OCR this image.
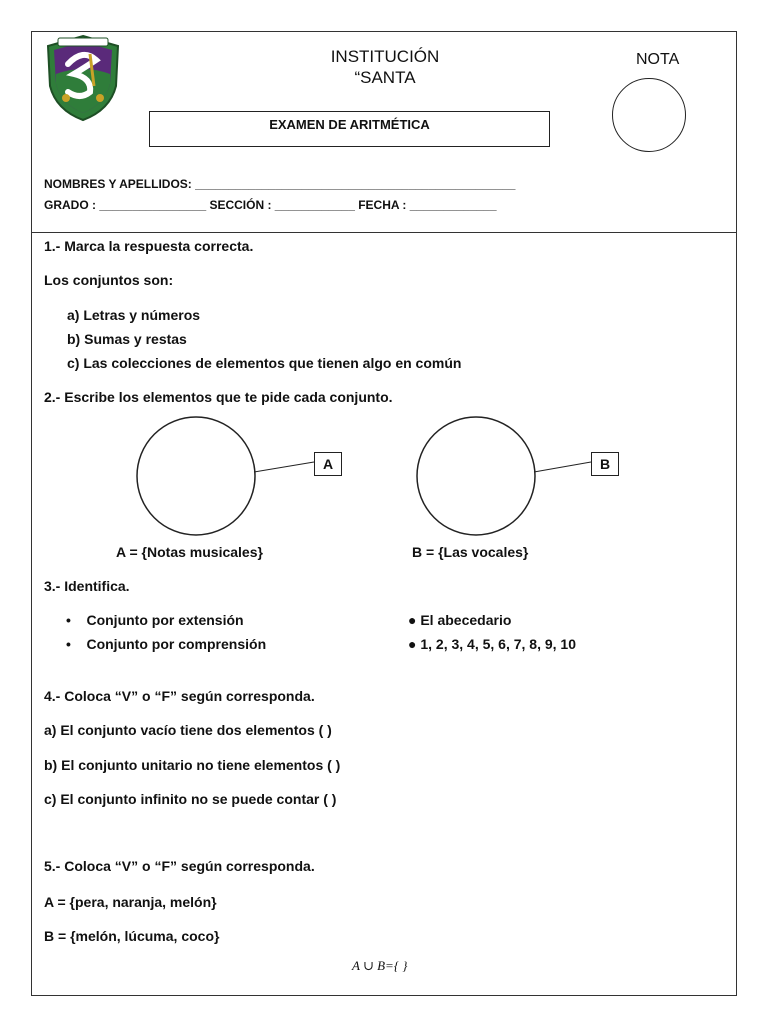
INSTITUCIÓN
“SANTA
NOTA
EXAMEN DE ARITMÉTICA
NOMBRES Y APELLIDOS: ________________________________________________
GRADO : ________________ SECCIÓN : ____________ FECHA : _____________
1.- Marca la respuesta correcta.
Los conjuntos son:
a) Letras y números
b) Sumas y restas
c) Las colecciones de elementos que tienen algo en común
2.- Escribe los elementos que te pide cada conjunto.
A	B
A = {Notas musicales}	B = {Las vocales}
3.- Identifica.
•    Conjunto por extensión
•    Conjunto por comprensión
● El abecedario
● 1, 2, 3, 4, 5, 6, 7, 8, 9, 10
4.- Coloca “V” o “F” según corresponda.
a) El conjunto vacío tiene dos elementos ( )
b) El conjunto unitario no tiene elementos ( )
c) El conjunto infinito no se puede contar ( )
5.- Coloca “V” o “F” según corresponda.
A = {pera, naranja, melón}
B = {melón, lúcuma, coco}
A ∪ B={ }
